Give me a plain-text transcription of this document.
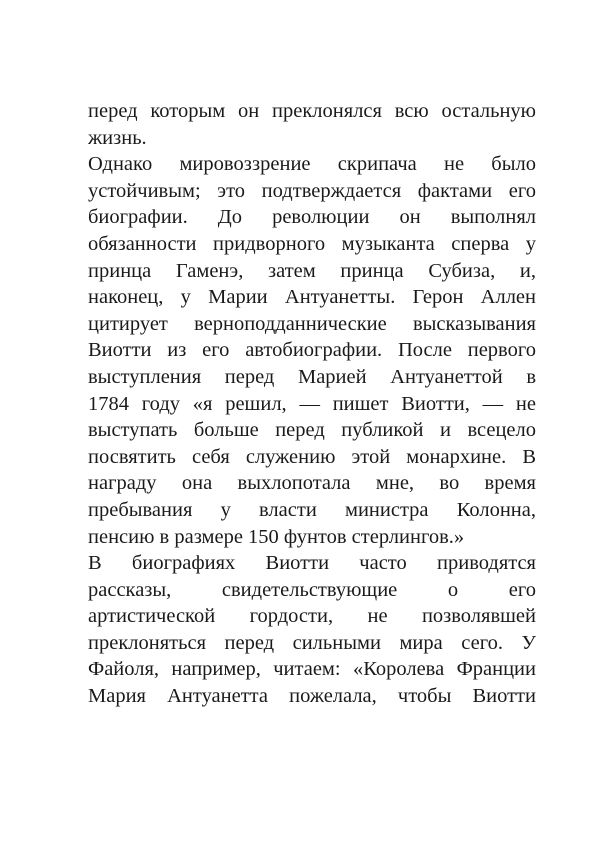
перед которым он преклонялся всю остальную
жизнь.
Однако мировоззрение скрипача не было
устойчивым; это подтверждается фактами его
биографии. До революции он выполнял
обязанности придворного музыканта сперва у
принца Гаменэ, затем принца Субиза, и,
наконец, у Марии Антуанетты. Герон Аллен
цитирует верноподданнические высказывания
Виотти из его автобиографии. После первого
выступления перед Марией Антуанеттой в
1784 году «я решил, — пишет Виотти, — не
выступать больше перед публикой и всецело
посвятить себя служению этой монархине. В
награду она выхлопотала мне, во время
пребывания у власти министра Колонна,
пенсию в размере 150 фунтов стерлингов.»
В биографиях Виотти часто приводятся
рассказы, свидетельствующие о его
артистической гордости, не позволявшей
преклоняться перед сильными мира сего. У
Файоля, например, читаем: «Королева Франции
Мария Антуанетта пожелала, чтобы Виотти
